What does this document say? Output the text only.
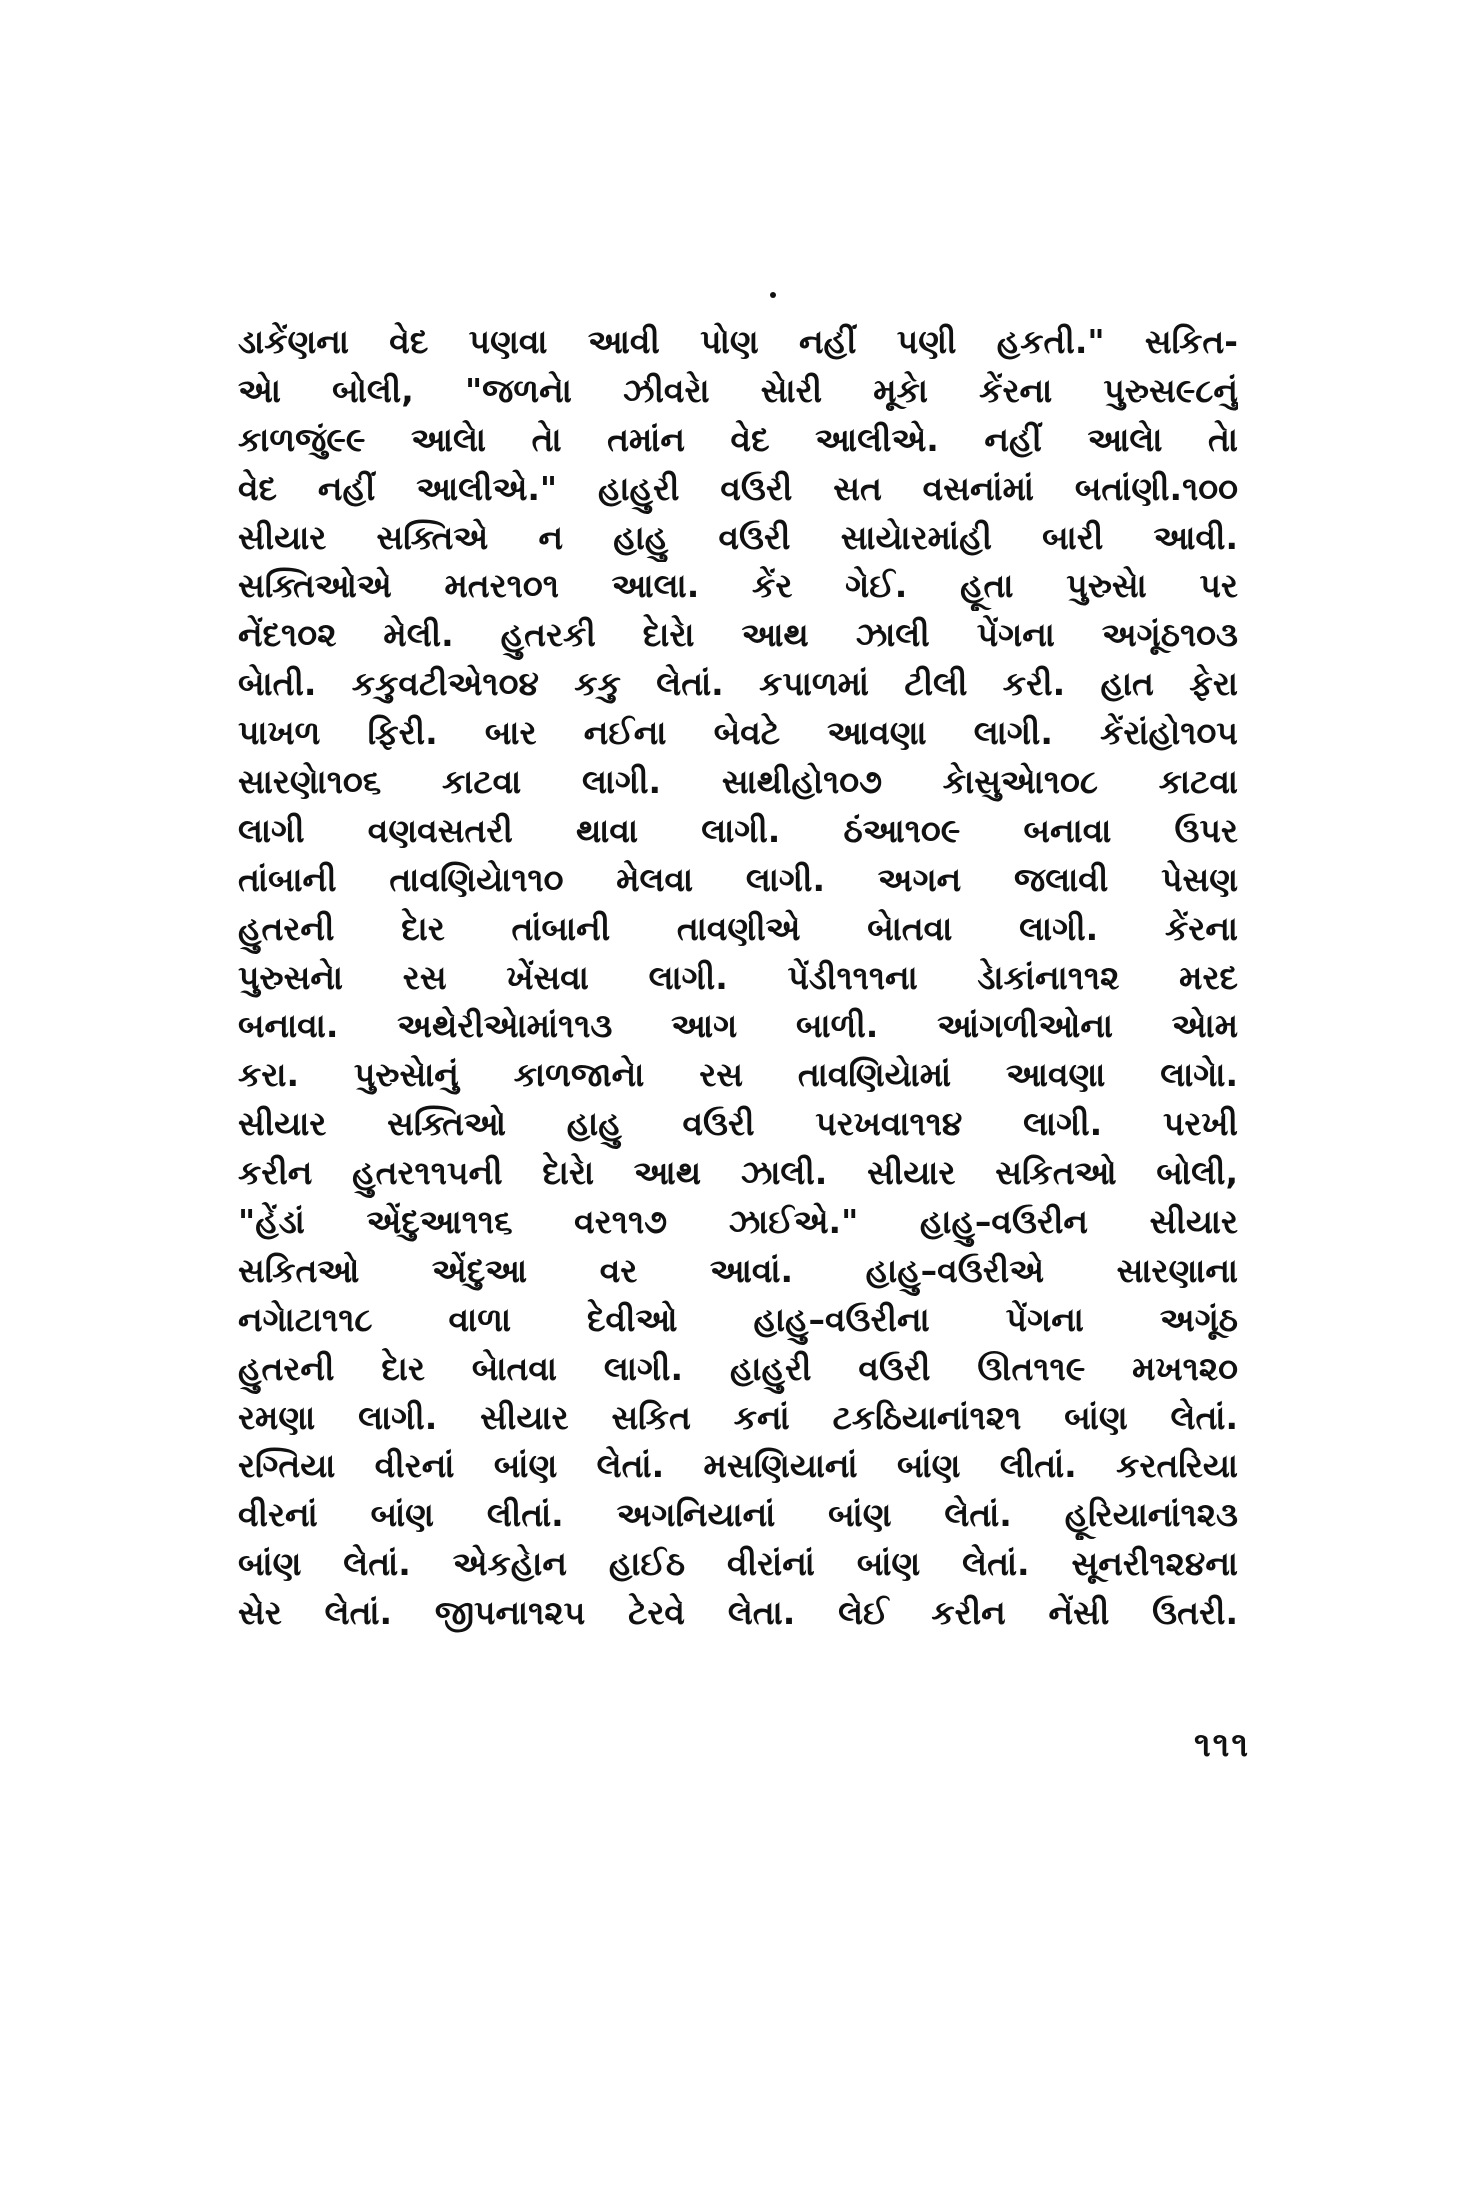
ડાકેંણના વેદ પણવા આવી પોણ નહીં પણી હકતી." સકિત-
એા બોલી, "જળનેા ઝીવરેા સેારી મૂકેા કેંરના પુરુસ૯૮નું
કાળજું૯૯ આલેા તેા તમાંન વેદ આલીએ. નહીં આલેા તેા
વેદ નહીં આલીએ." હાહુરી વઉરી સત વસનાંમાં બતાંણી.૧૦૦
સીયાર સક્તિએ ન હાહુ વઉરી સાયેારમાંહી બારી આવી.
સક્તિઓએ મતર૧૦૧ આલા. કેંર ગેઈ. હૂતા પુરુસેા પર
નેંદ૧૦૨ મેલી. હુતરકી દેારેા આથ ઝાલી પેંગના અગૂંઠ૧૦૩
બેાતી. કકુવટીએ૧૦૪ કકુ લેતાં. કપાળમાં ટીલી કરી. હાત ફેરા
પાખળ ફિરી. બાર નઈના બેવટે આવણા લાગી. કેંરાંહો૧૦૫
સારણેા૧૦૬ કાટવા લાગી. સાથીહો૧૦૭ કેાસુએા૧૦૮ કાટવા
લાગી વણવસતરી થાવા લાગી. ઠંઆ૧૦૯ બનાવા ઉપર
તાંબાની તાવણિયેા૧૧૦ મેલવા લાગી. અગન જલાવી પેસણ
હુતરની દેાર તાંબાની તાવણીએ બેાતવા લાગી. કેંરના
પુરુસનેા રસ ખેંસવા લાગી. પેંડી૧૧૧ના ડેાકાંના૧૧૨ મરદ
બનાવા. અથેરીએામાં૧૧૩ આગ બાળી. આંગળીઓના એામ
કરા. પુરુસેાનું કાળજાનેા રસ તાવણિયેામાં આવણા લાગેા.
સીયાર સક્તિઓ હાહુ વઉરી પરખવા૧૧૪ લાગી. પરખી
કરીન હુતર૧૧૫ની દેારેા આથ ઝાલી. સીયાર સકિતઓ બોલી,
"હેંડાં એંદુઆ૧૧૬ વર૧૧૭ ઝાઈએ." હાહુ–વઉરીન સીયાર
સકિતઓ એંદુઆ વર આવાં. હાહુ–વઉરીએ સારણાના
નગેાટા૧૧૮ વાળા દેવીઓ હાહુ–વઉરીના પેંગના અગૂંઠ
હુતરની દેાર બેાતવા લાગી. હાહુરી વઉરી ઊત૧૧૯ મખ૧૨૦
રમણા લાગી. સીયાર સકિત કનાં ટકઠિયાનાં૧૨૧ બાંણ લેતાં.
રગ્તિયા વીરનાં બાંણ લેતાં. મસણિયાનાં બાંણ લીતાં. કરતરિયા
વીરનાં બાંણ લીતાં. અગનિયાનાં બાંણ લેતાં. હૂરિયાનાં૧૨૩
બાંણ લેતાં. એકહેાન હાઈઠ વીરાંનાં બાંણ લેતાં. સૂનરી૧૨૪ના
સેર લેતાં. જીપના૧૨૫ ટેરવે લેતા. લેઈ કરીન નેંસી ઉતરી.
૧૧૧
